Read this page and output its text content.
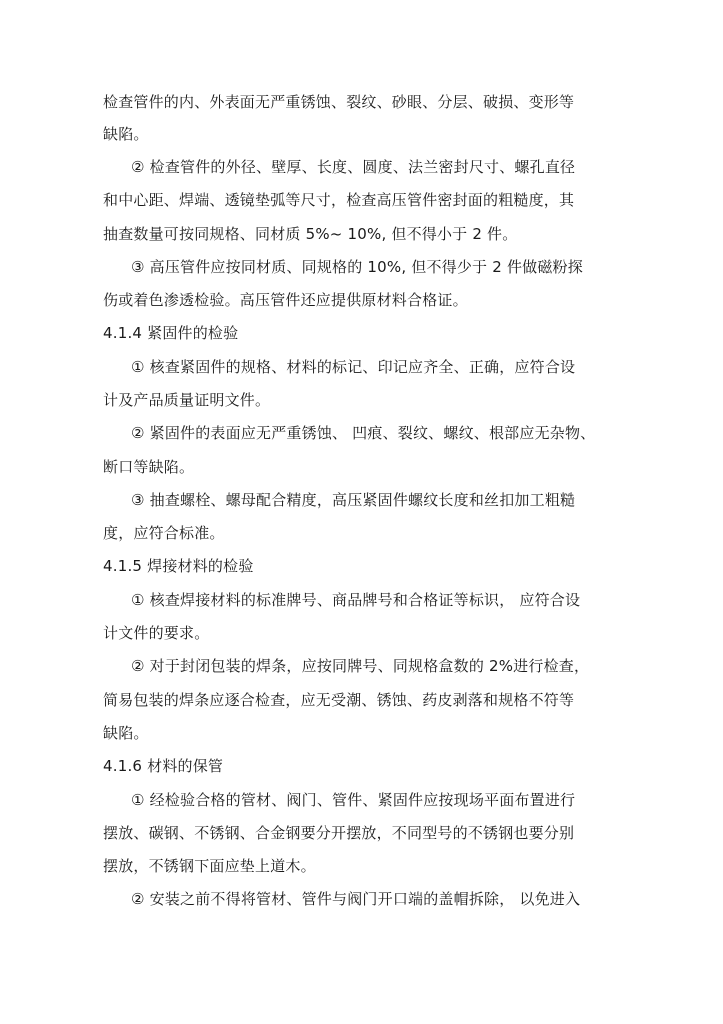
检查管件的内、外表面无严重锈蚀、裂纹、砂眼、分层、破损、变形等
缺陷。
② 检查管件的外径、壁厚、长度、圆度、法兰密封尺寸、螺孔直径
和中心距、焊端、透镜垫弧等尺寸，检查高压管件密封面的粗糙度，其
抽查数量可按同规格、同材质 5%~ 10%, 但不得小于 2 件。
③ 高压管件应按同材质、同规格的 10%, 但不得少于 2 件做磁粉探
伤或着色渗透检验。高压管件还应提供原材料合格证。
4.1.4 紧固件的检验
① 核查紧固件的规格、材料的标记、印记应齐全、正确，应符合设
计及产品质量证明文件。
② 紧固件的表面应无严重锈蚀、 凹痕、裂纹、螺纹、根部应无杂物、
断口等缺陷。
③ 抽查螺栓、螺母配合精度，高压紧固件螺纹长度和丝扣加工粗糙
度，应符合标准。
4.1.5 焊接材料的检验
① 核查焊接材料的标准牌号、商品牌号和合格证等标识， 应符合设
计文件的要求。
② 对于封闭包装的焊条，应按同牌号、同规格盒数的 2%进行检查，
简易包装的焊条应逐合检查，应无受潮、锈蚀、药皮剥落和规格不符等
缺陷。
4.1.6 材料的保管
① 经检验合格的管材、阀门、管件、紧固件应按现场平面布置进行
摆放、碳钢、不锈钢、合金钢要分开摆放，不同型号的不锈钢也要分别
摆放，不锈钢下面应垫上道木。
② 安装之前不得将管材、管件与阀门开口端的盖帽拆除， 以免进入
